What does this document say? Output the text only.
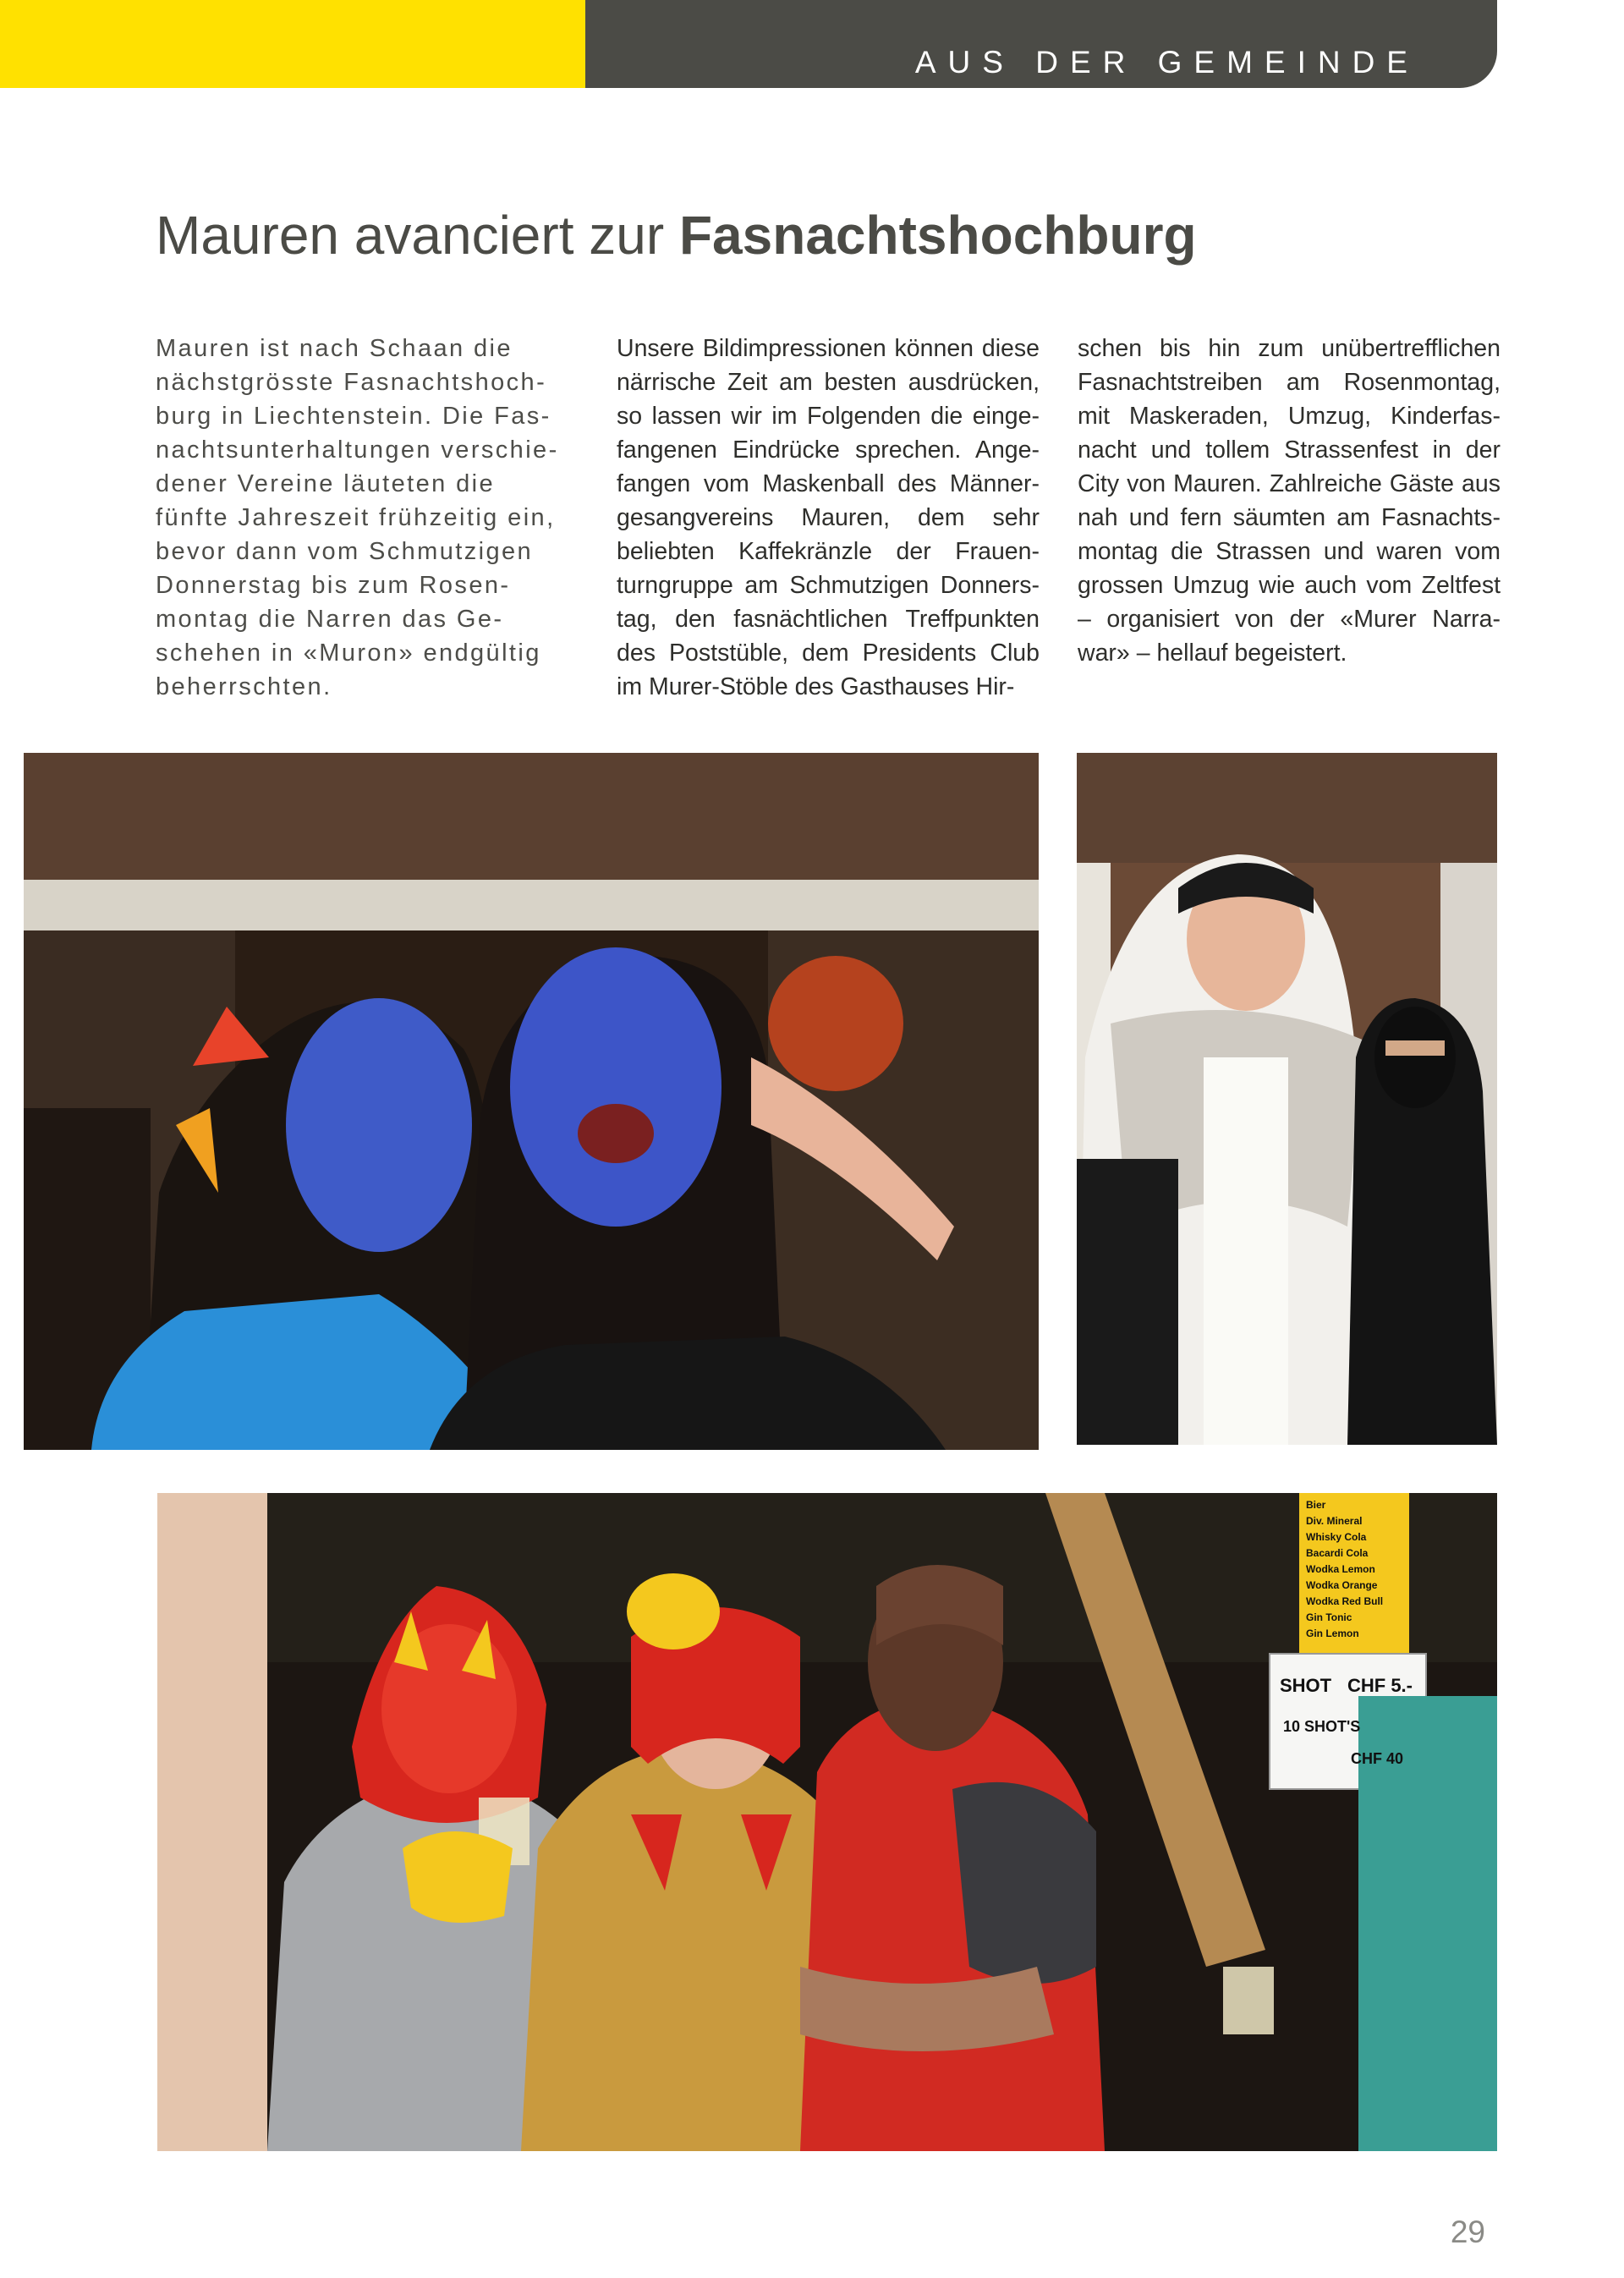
AUS DER GEMEINDE
Mauren avanciert zur Fasnachtshochburg
Mauren ist nach Schaan die
nächstgrösste Fasnachtshoch-
burg in Liechtenstein. Die Fas-
nachtsunterhaltungen verschie-
dener Vereine läuteten die
fünfte Jahreszeit frühzeitig ein,
bevor dann vom Schmutzigen
Donnerstag bis zum Rosen-
montag die Narren das Ge-
schehen in «Muron» endgültig
beherrschten.
Unsere Bildimpressionen können diese
närrische Zeit am besten ausdrücken,
so lassen wir im Folgenden die einge-
fangenen Eindrücke sprechen. Ange-
fangen vom Maskenball des Männer-
gesangvereins Mauren, dem sehr
beliebten Kaffekränzle der Frauen-
turngruppe am Schmutzigen Donners-
tag, den fasnächtlichen Treffpunkten
des Poststüble, dem Presidents Club
im Murer-Stöble des Gasthauses Hir-
schen bis hin zum unübertrefflichen
Fasnachtstreiben am Rosenmontag,
mit Maskeraden, Umzug, Kinderfas-
nacht und tollem Strassenfest in der
City von Mauren. Zahlreiche Gäste aus
nah und fern säumten am Fasnachts-
montag die Strassen und waren vom
grossen Umzug wie auch vom Zeltfest
– organisiert von der «Murer Narra-
war» – hellauf begeistert.
SHOT CHF 5.-
10 SHOT'S
CHF 40
Bier
Div. Mineral
Whisky Cola
Bacardi Cola
Wodka Lemon
Wodka Orange
Wodka Red Bull
Gin Tonic
Gin Lemon
29
